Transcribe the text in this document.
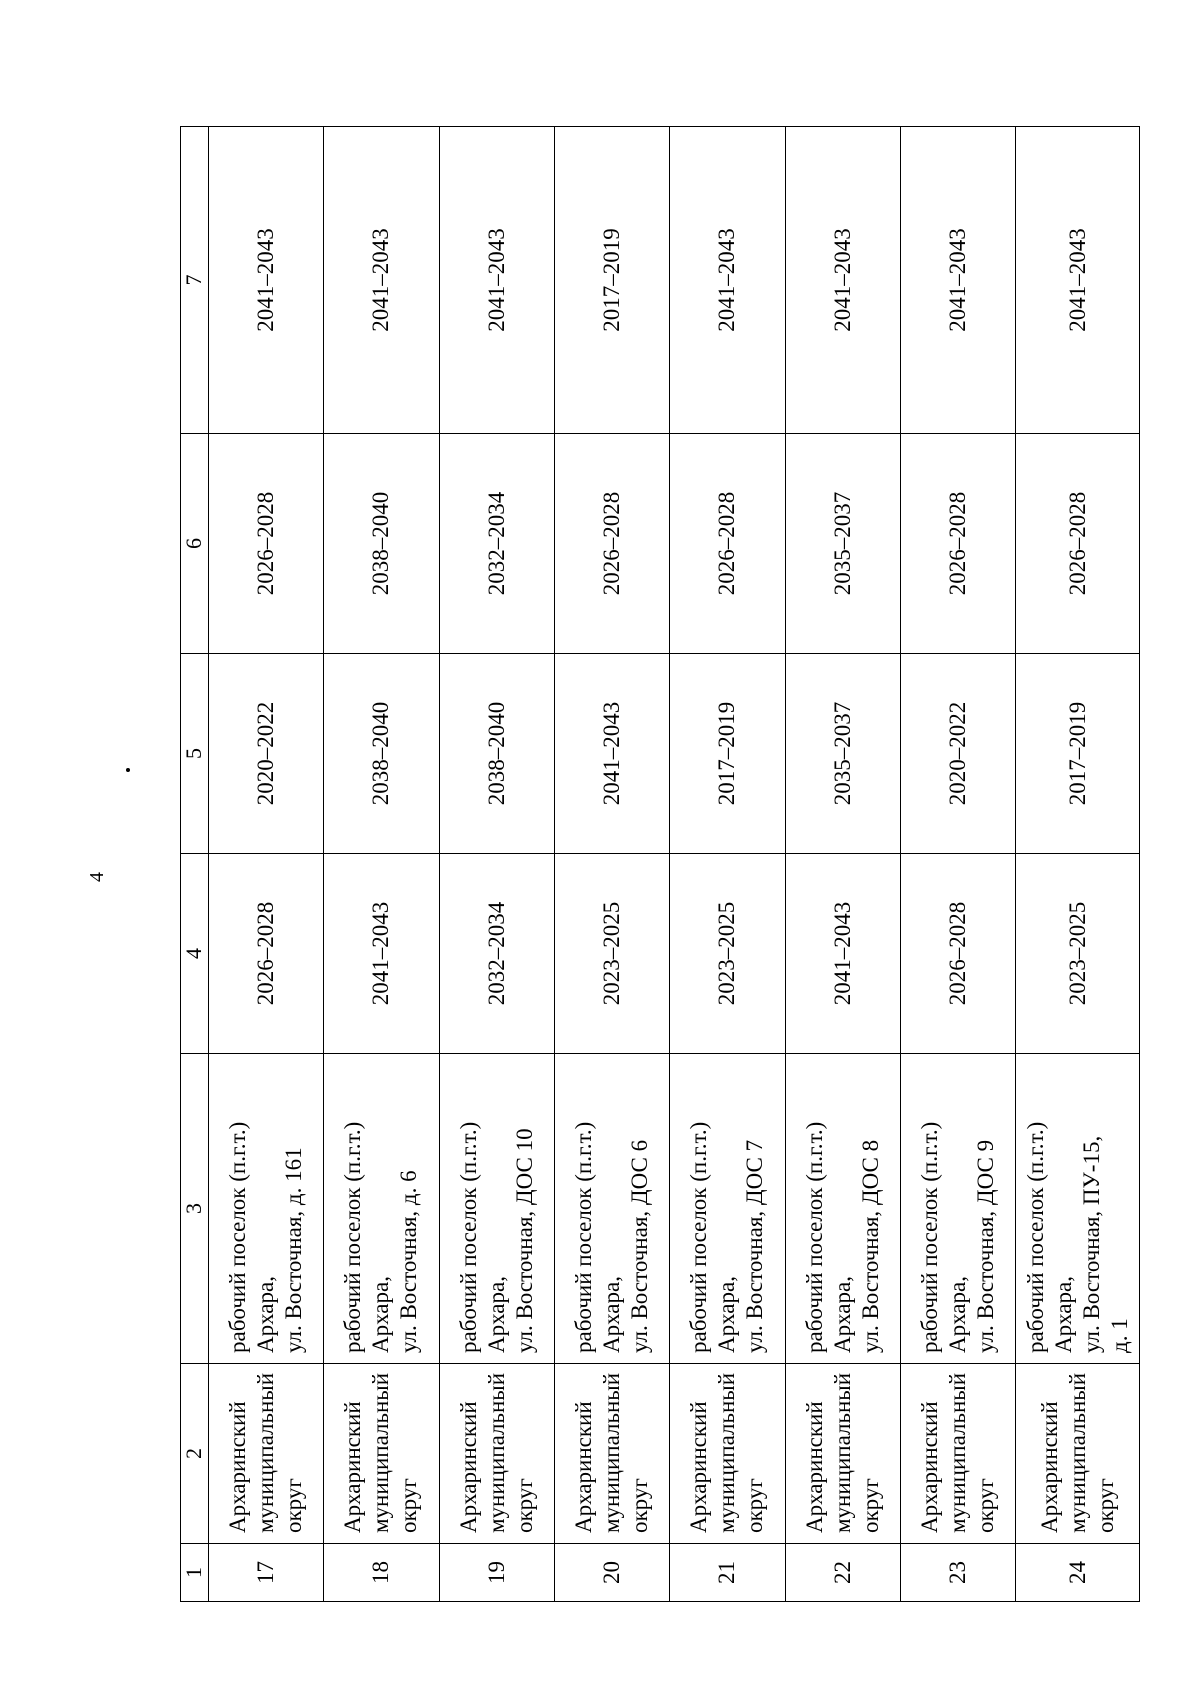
4
1	2	3	4	5	6	7
17	Архаринский муниципальный округ	рабочий поселок (п.г.т.) Архара, ул. Восточная, д. 161	2026–2028	2020–2022	2026–2028	2041–2043
18	Архаринский муниципальный округ	рабочий поселок (п.г.т.) Архара, ул. Восточная, д. 6	2041–2043	2038–2040	2038–2040	2041–2043
19	Архаринский муниципальный округ	рабочий поселок (п.г.т.) Архара, ул. Восточная, ДОС 10	2032–2034	2038–2040	2032–2034	2041–2043
20	Архаринский муниципальный округ	рабочий поселок (п.г.т.) Архара, ул. Восточная, ДОС 6	2023–2025	2041–2043	2026–2028	2017–2019
21	Архаринский муниципальный округ	рабочий поселок (п.г.т.) Архара, ул. Восточная, ДОС 7	2023–2025	2017–2019	2026–2028	2041–2043
22	Архаринский муниципальный округ	рабочий поселок (п.г.т.) Архара, ул. Восточная, ДОС 8	2041–2043	2035–2037	2035–2037	2041–2043
23	Архаринский муниципальный округ	рабочий поселок (п.г.т.) Архара, ул. Восточная, ДОС 9	2026–2028	2020–2022	2026–2028	2041–2043
24	Архаринский муниципальный округ	рабочий поселок (п.г.т.) Архара, ул. Восточная, ПУ-15, д. 1	2023–2025	2017–2019	2026–2028	2041–2043
